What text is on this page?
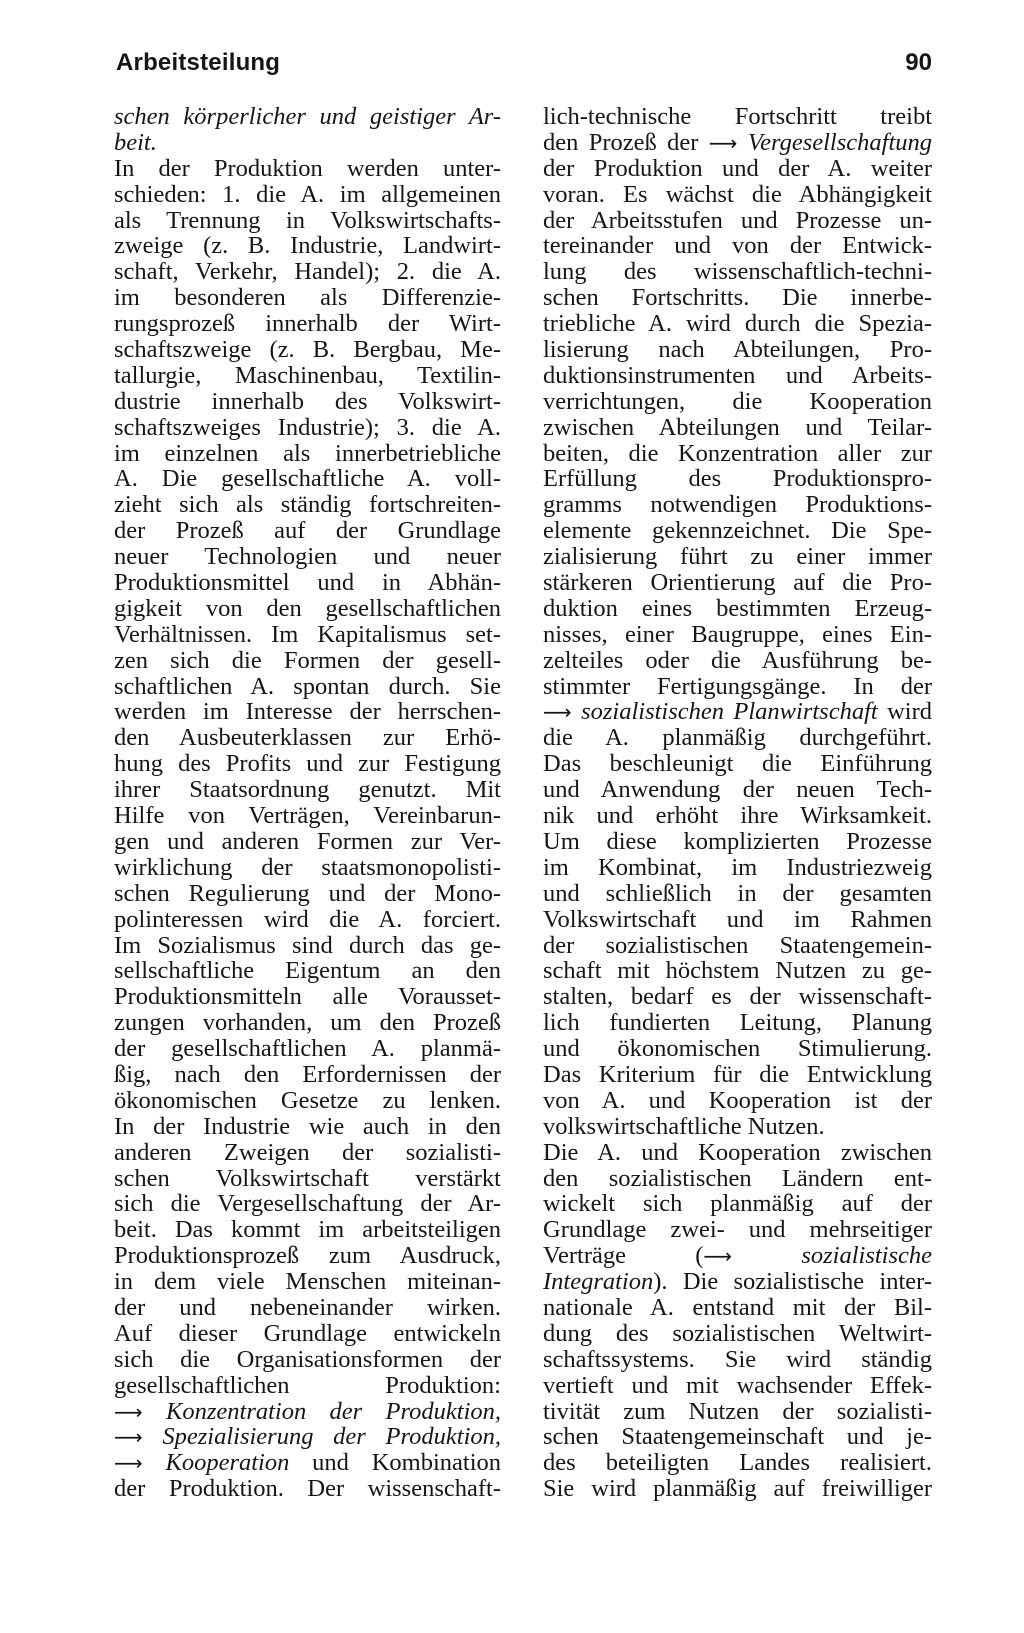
Arbeitsteilung	90
schen körperlicher und geistiger Ar-
beit.
In der Produktion werden unter-
schieden: 1. die A. im allgemeinen
als Trennung in Volkswirtschafts-
zweige (z. B. Industrie, Landwirt-
schaft, Verkehr, Handel); 2. die A.
im besonderen als Differenzie-
rungsprozeß innerhalb der Wirt-
schaftszweige (z. B. Bergbau, Me-
tallurgie, Maschinenbau, Textilin-
dustrie innerhalb des Volkswirt-
schaftszweiges Industrie); 3. die A.
im einzelnen als innerbetriebliche
A. Die gesellschaftliche A. voll-
zieht sich als ständig fortschreiten-
der Prozeß auf der Grundlage
neuer Technologien und neuer
Produktionsmittel und in Abhän-
gigkeit von den gesellschaftlichen
Verhältnissen. Im Kapitalismus set-
zen sich die Formen der gesell-
schaftlichen A. spontan durch. Sie
werden im Interesse der herrschen-
den Ausbeuterklassen zur Erhö-
hung des Profits und zur Festigung
ihrer Staatsordnung genutzt. Mit
Hilfe von Verträgen, Vereinbarun-
gen und anderen Formen zur Ver-
wirklichung der staatsmonopolisti-
schen Regulierung und der Mono-
polinteressen wird die A. forciert.
Im Sozialismus sind durch das ge-
sellschaftliche Eigentum an den
Produktionsmitteln alle Vorausset-
zungen vorhanden, um den Prozeß
der gesellschaftlichen A. planmä-
ßig, nach den Erfordernissen der
ökonomischen Gesetze zu lenken.
In der Industrie wie auch in den
anderen Zweigen der sozialisti-
schen Volkswirtschaft verstärkt
sich die Vergesellschaftung der Ar-
beit. Das kommt im arbeitsteiligen
Produktionsprozeß zum Ausdruck,
in dem viele Menschen miteinan-
der und nebeneinander wirken.
Auf dieser Grundlage entwickeln
sich die Organisationsformen der
gesellschaftlichen Produktion:
⟶ Konzentration der Produktion,
⟶ Spezialisierung der Produktion,
⟶ Kooperation und Kombination
der Produktion. Der wissenschaft-
lich-technische Fortschritt treibt
den Prozeß der ⟶ Vergesellschaftung
der Produktion und der A. weiter
voran. Es wächst die Abhängigkeit
der Arbeitsstufen und Prozesse un-
tereinander und von der Entwick-
lung des wissenschaftlich-techni-
schen Fortschritts. Die innerbe-
triebliche A. wird durch die Spezia-
lisierung nach Abteilungen, Pro-
duktionsinstrumenten und Arbeits-
verrichtungen, die Kooperation
zwischen Abteilungen und Teilar-
beiten, die Konzentration aller zur
Erfüllung des Produktionspro-
gramms notwendigen Produktions-
elemente gekennzeichnet. Die Spe-
zialisierung führt zu einer immer
stärkeren Orientierung auf die Pro-
duktion eines bestimmten Erzeug-
nisses, einer Baugruppe, eines Ein-
zelteiles oder die Ausführung be-
stimmter Fertigungsgänge. In der
⟶ sozialistischen Planwirtschaft wird
die A. planmäßig durchgeführt.
Das beschleunigt die Einführung
und Anwendung der neuen Tech-
nik und erhöht ihre Wirksamkeit.
Um diese komplizierten Prozesse
im Kombinat, im Industriezweig
und schließlich in der gesamten
Volkswirtschaft und im Rahmen
der sozialistischen Staatengemein-
schaft mit höchstem Nutzen zu ge-
stalten, bedarf es der wissenschaft-
lich fundierten Leitung, Planung
und ökonomischen Stimulierung.
Das Kriterium für die Entwicklung
von A. und Kooperation ist der
volkswirtschaftliche Nutzen.
Die A. und Kooperation zwischen
den sozialistischen Ländern ent-
wickelt sich planmäßig auf der
Grundlage zwei- und mehrseitiger
Verträge (⟶	sozialistische
Integration). Die sozialistische inter-
nationale A. entstand mit der Bil-
dung des sozialistischen Weltwirt-
schaftssystems. Sie wird ständig
vertieft und mit wachsender Effek-
tivität zum Nutzen der sozialisti-
schen Staatengemeinschaft und je-
des beteiligten Landes realisiert.
Sie wird planmäßig auf freiwilliger
